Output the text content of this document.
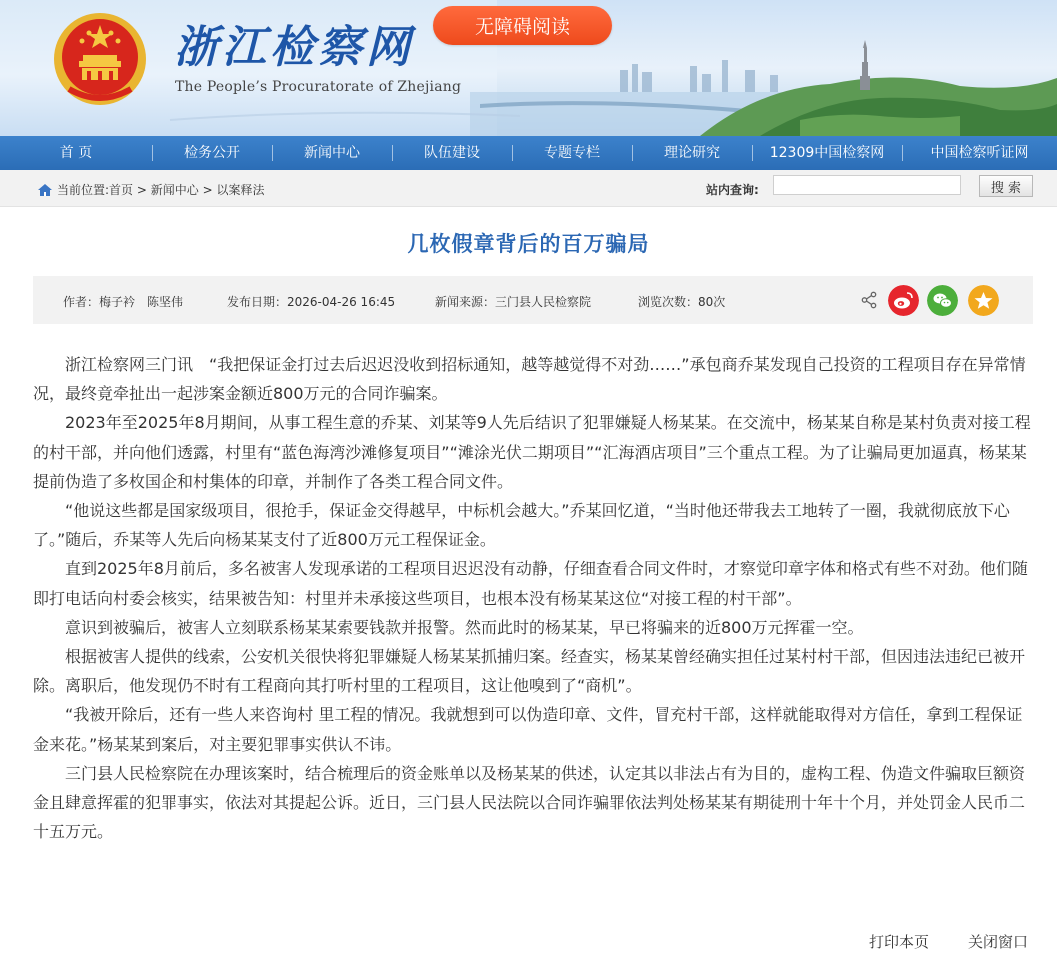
浙江检察网
The People’s Procuratorate of Zhejiang
无障碍阅读
首 页	检务公开	新闻中心	队伍建设	专题专栏	理论研究	12309中国检察网	中国检察听证网
当前位置: 首页 > 新闻中心 > 以案释法	站内查询:	搜 索
几枚假章背后的百万骗局
作者：梅子衿　陈坚伟	发布日期：2026-04-26 16:45	新闻来源：三门县人民检察院	浏览次数：80次

浙江检察网三门讯　“我把保证金打过去后迟迟没收到招标通知，越等越觉得不对劲……”承包商乔某发现自己投资的工程项目存在异常情况，最终竟牵扯出一起涉案金额近800万元的合同诈骗案。

2023年至2025年8月期间，从事工程生意的乔某、刘某等9人先后结识了犯罪嫌疑人杨某某。在交流中，杨某某自称是某村负责对接工程的村干部，并向他们透露，村里有“蓝色海湾沙滩修复项目”“滩涂光伏二期项目”“汇海酒店项目”三个重点工程。为了让骗局更加逼真，杨某某提前伪造了多枚国企和村集体的印章，并制作了各类工程合同文件。

“他说这些都是国家级项目，很抢手，保证金交得越早，中标机会越大。”乔某回忆道，“当时他还带我去工地转了一圈，我就彻底放下心了。”随后，乔某等人先后向杨某某支付了近800万元工程保证金。

直到2025年8月前后，多名被害人发现承诺的工程项目迟迟没有动静，仔细查看合同文件时，才察觉印章字体和格式有些不对劲。他们随即打电话向村委会核实，结果被告知：村里并未承接这些项目，也根本没有杨某某这位“对接工程的村干部”。

意识到被骗后，被害人立刻联系杨某某索要钱款并报警。然而此时的杨某某，早已将骗来的近800万元挥霍一空。

根据被害人提供的线索，公安机关很快将犯罪嫌疑人杨某某抓捕归案。经查实，杨某某曾经确实担任过某村村干部，但因违法违纪已被开除。离职后，他发现仍不时有工程商向其打听村里的工程项目，这让他嗅到了“商机”。

“我被开除后，还有一些人来咨询村 里工程的情况。我就想到可以伪造印章、文件，冒充村干部，这样就能取得对方信任，拿到工程保证金来花。”杨某某到案后，对主要犯罪事实供认不讳。

三门县人民检察院在办理该案时，结合梳理后的资金账单以及杨某某的供述，认定其以非法占有为目的，虚构工程、伪造文件骗取巨额资金且肆意挥霍的犯罪事实，依法对其提起公诉。近日，三门县人民法院以合同诈骗罪依法判处杨某某有期徒刑十年十个月，并处罚金人民币二十五万元。

打印本页	关闭窗口
